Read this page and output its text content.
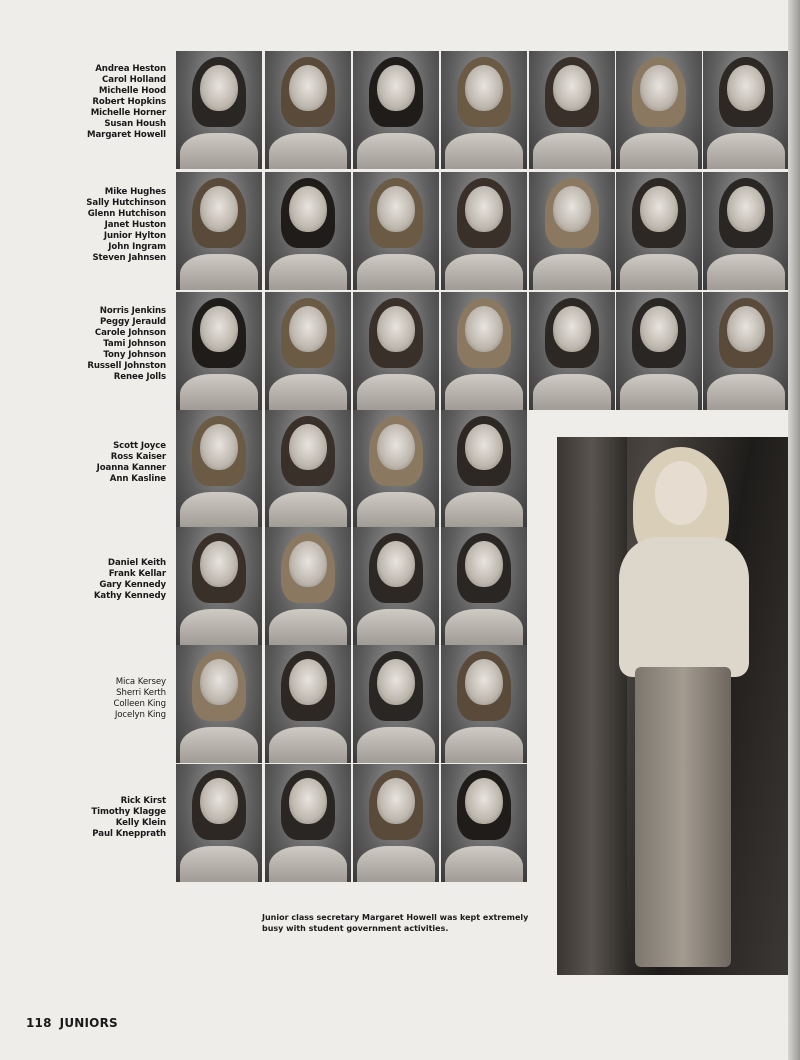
Andrea Heston
Carol Holland
Michelle Hood
Robert Hopkins
Michelle Horner
Susan Housh
Margaret Howell
Mike Hughes
Sally Hutchinson
Glenn Hutchison
Janet Huston
Junior Hylton
John Ingram
Steven Jahnsen
Norris Jenkins
Peggy Jerauld
Carole Johnson
Tami Johnson
Tony Johnson
Russell Johnston
Renee Jolls
Scott Joyce
Ross Kaiser
Joanna Kanner
Ann Kasline
Daniel Keith
Frank Kellar
Gary Kennedy
Kathy Kennedy
Mica Kersey
Sherri Kerth
Colleen King
Jocelyn King
Rick Kirst
Timothy Klagge
Kelly Klein
Paul Knepprath
Junior class secretary Margaret Howell was kept extremely busy with student government activities.
118 JUNIORS
